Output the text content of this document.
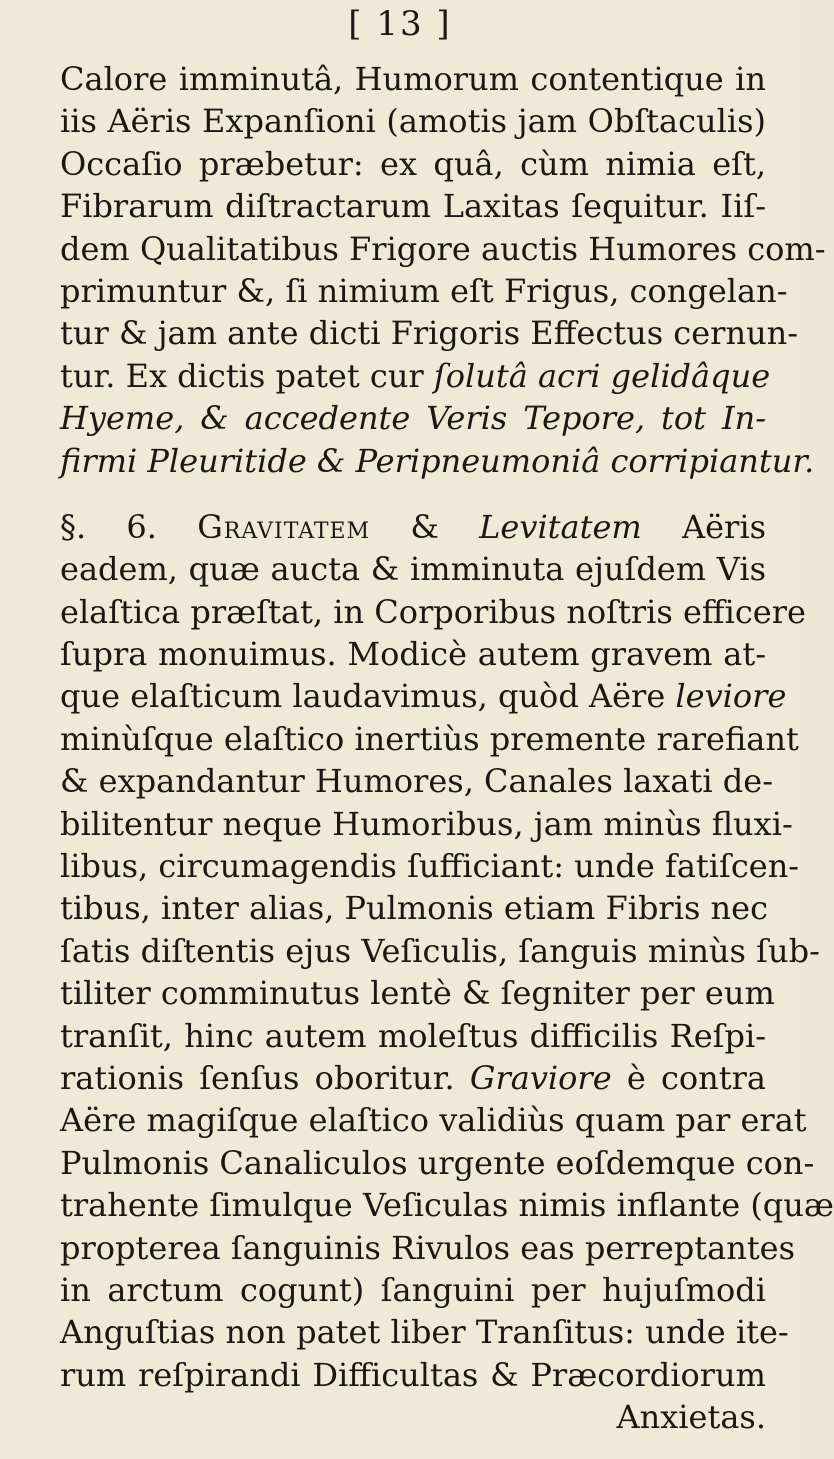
[ 13 ]
Calore imminutâ, Humorum contentique in
iis Aëris Expanſioni (amotis jam Obſtaculis)
Occaſio præbetur: ex quâ, cùm nimia eſt,
Fibrarum diſtractarum Laxitas ſequitur. Iiſ-
dem Qualitatibus Frigore auctis Humores com-
primuntur &, ſi nimium eſt Frigus, congelan-
tur & jam ante dicti Frigoris Effectus cernun-
tur. Ex dictis patet cur ſolutâ acri gelidâque
Hyeme, & accedente Veris Tepore, tot In-
firmi Pleuritide & Peripneumoniâ corripiantur.
§. 6. Gravitatem & Levitatem Aëris
eadem, quæ aucta & imminuta ejuſdem Vis
elaſtica præſtat, in Corporibus noſtris efficere
ſupra monuimus. Modicè autem gravem at-
que elaſticum laudavimus, quòd Aëre leviore
minùſque elaſtico inertiùs premente rarefiant
& expandantur Humores, Canales laxati de-
bilitentur neque Humoribus, jam minùs fluxi-
libus, circumagendis ſufficiant: unde fatiſcen-
tibus, inter alias, Pulmonis etiam Fibris nec
ſatis diſtentis ejus Veſiculis, ſanguis minùs ſub-
tiliter comminutus lentè & ſegniter per eum
tranſit, hinc autem moleſtus difficilis Reſpi-
rationis ſenſus oboritur. Graviore è contra
Aëre magiſque elaſtico validiùs quam par erat
Pulmonis Canaliculos urgente eoſdemque con-
trahente ſimulque Veſiculas nimis inflante (quæ
propterea ſanguinis Rivulos eas perreptantes
in arctum cogunt) ſanguini per hujuſmodi
Anguſtias non patet liber Tranſitus: unde ite-
rum reſpirandi Difficultas & Præcordiorum
Anxietas.
